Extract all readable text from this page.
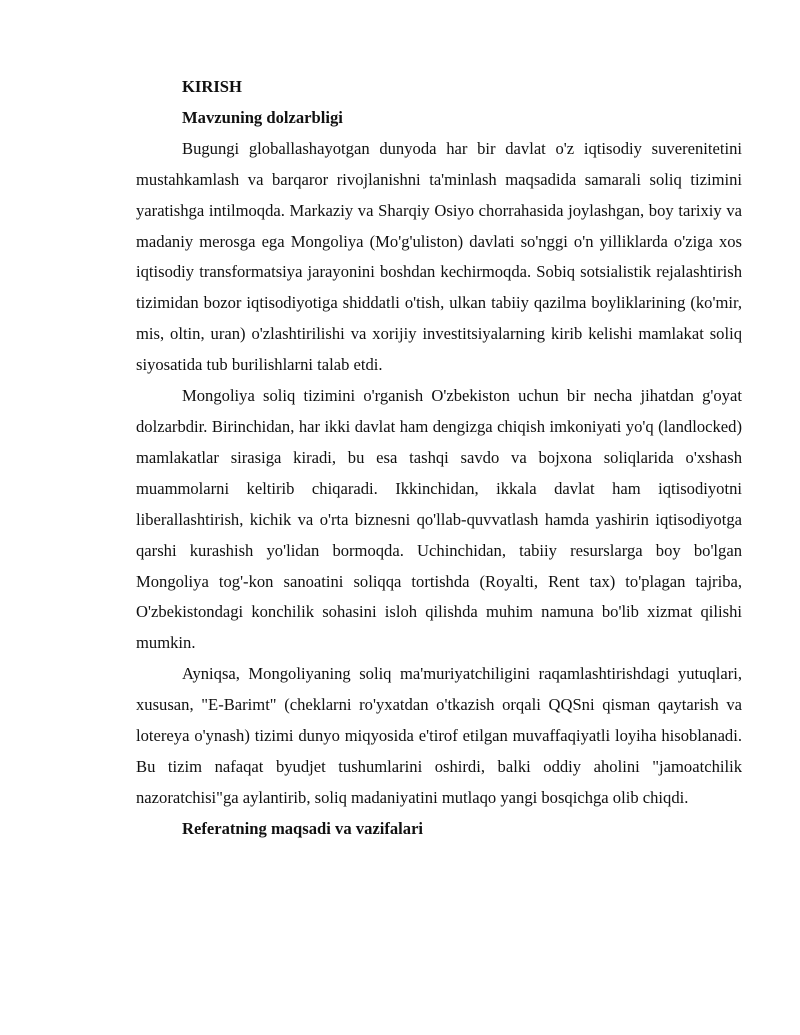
KIRISH

Mavzuning dolzarbligi

Bugungi globallashayotgan dunyoda har bir davlat o'z iqtisodiy suverenitetini mustahkamlash va barqaror rivojlanishni ta'minlash maqsadida samarali soliq tizimini yaratishga intilmoqda. Markaziy va Sharqiy Osiyo chorrahasida joylashgan, boy tarixiy va madaniy merosga ega Mongoliya (Mo'g'uliston) davlati so'nggi o'n yilliklarda o'ziga xos iqtisodiy transformatsiya jarayonini boshdan kechirmoqda. Sobiq sotsialistik rejalashtirish tizimidan bozor iqtisodiyotiga shiddatli o'tish, ulkan tabiiy qazilma boyliklarining (ko'mir, mis, oltin, uran) o'zlashtirilishi va xorijiy investitsiyalarning kirib kelishi mamlakat soliq siyosatida tub burilishlarni talab etdi.

Mongoliya soliq tizimini o'rganish O'zbekiston uchun bir necha jihatdan g'oyat dolzarbdir. Birinchidan, har ikki davlat ham dengizga chiqish imkoniyati yo'q (landlocked) mamlakatlar sirasiga kiradi, bu esa tashqi savdo va bojxona soliqlarida o'xshash muammolarni keltirib chiqaradi. Ikkinchidan, ikkala davlat ham iqtisodiyotni liberallashtirish, kichik va o'rta biznesni qo'llab-quvvatlash hamda yashirin iqtisodiyotga qarshi kurashish yo'lidan bormoqda. Uchinchidan, tabiiy resurslarga boy bo'lgan Mongoliya tog'-kon sanoatini soliqqa tortishda (Royalti, Rent tax) to'plagan tajriba, O'zbekistondagi konchilik sohasini isloh qilishda muhim namuna bo'lib xizmat qilishi mumkin.

Ayniqsa, Mongoliyaning soliq ma'muriyatchiligini raqamlashtirishdagi yutuqlari, xususan, "E-Barimt" (cheklarni ro'yxatdan o'tkazish orqali QQSni qisman qaytarish va lotereya o'ynash) tizimi dunyo miqyosida e'tirof etilgan muvaffaqiyatli loyiha hisoblanadi. Bu tizim nafaqat byudjet tushumlarini oshirdi, balki oddiy aholini "jamoatchilik nazoratchisi"ga aylantirib, soliq madaniyatini mutlaqo yangi bosqichga olib chiqdi.

Referatning maqsadi va vazifalari
